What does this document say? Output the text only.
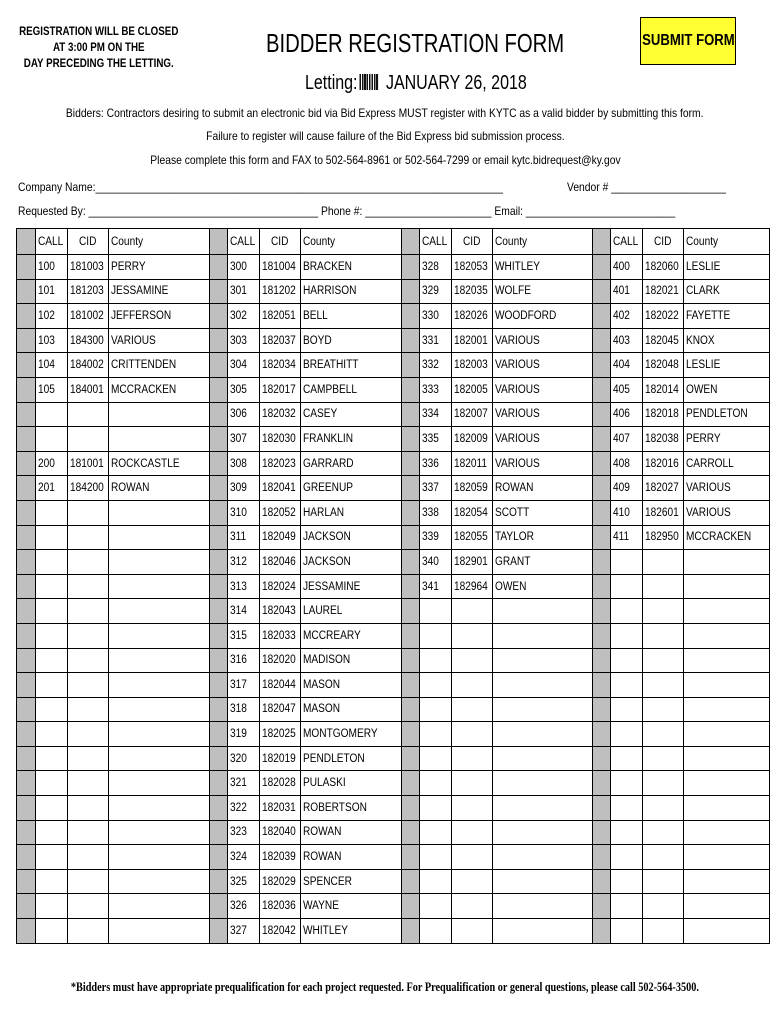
REGISTRATION WILL BE CLOSED
AT 3:00 PM ON THE
DAY PRECEDING THE LETTING.
BIDDER REGISTRATION FORM
Letting: JANUARY 26, 2018
SUBMIT FORM
Bidders: Contractors desiring to submit an electronic bid via Bid Express MUST register with KYTC as a valid bidder by submitting this form.
Failure to register will cause failure of the Bid Express bid submission process.
Please complete this form and FAX to 502-564-8961 or 502-564-7299 or email kytc.bidrequest@ky.gov
Company Name:_______________________________________________________________________	Vendor # ____________________
Requested By: ________________________________________ Phone #: ______________________ Email: __________________________
	CALL	CID	County		CALL	CID	County		CALL	CID	County		CALL	CID	County
	100	181003	PERRY		300	181004	BRACKEN		328	182053	WHITLEY		400	182060	LESLIE
	101	181203	JESSAMINE		301	181202	HARRISON		329	182035	WOLFE		401	182021	CLARK
	102	181002	JEFFERSON		302	182051	BELL		330	182026	WOODFORD		402	182022	FAYETTE
	103	184300	VARIOUS		303	182037	BOYD		331	182001	VARIOUS		403	182045	KNOX
	104	184002	CRITTENDEN		304	182034	BREATHITT		332	182003	VARIOUS		404	182048	LESLIE
	105	184001	MCCRACKEN		305	182017	CAMPBELL		333	182005	VARIOUS		405	182014	OWEN
					306	182032	CASEY		334	182007	VARIOUS		406	182018	PENDLETON
					307	182030	FRANKLIN		335	182009	VARIOUS		407	182038	PERRY
	200	181001	ROCKCASTLE		308	182023	GARRARD		336	182011	VARIOUS		408	182016	CARROLL
	201	184200	ROWAN		309	182041	GREENUP		337	182059	ROWAN		409	182027	VARIOUS
					310	182052	HARLAN		338	182054	SCOTT		410	182601	VARIOUS
					311	182049	JACKSON		339	182055	TAYLOR		411	182950	MCCRACKEN
					312	182046	JACKSON		340	182901	GRANT				
					313	182024	JESSAMINE		341	182964	OWEN				
					314	182043	LAUREL								
					315	182033	MCCREARY								
					316	182020	MADISON								
					317	182044	MASON								
					318	182047	MASON								
					319	182025	MONTGOMERY								
					320	182019	PENDLETON								
					321	182028	PULASKI								
					322	182031	ROBERTSON								
					323	182040	ROWAN								
					324	182039	ROWAN								
					325	182029	SPENCER								
					326	182036	WAYNE								
					327	182042	WHITLEY								
*Bidders must have appropriate prequalification for each project requested. For Prequalification or general questions, please call 502-564-3500.
